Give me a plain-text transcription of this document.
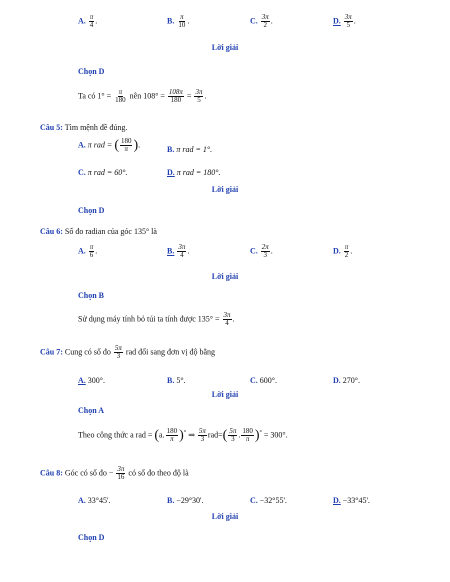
A. $\frac{\pi}{4}$ .	B. $\frac{\pi}{10}$ .	C. $\frac{3\pi}{2}$ .	D. $\frac{3\pi}{5}$ .
Lời giải
Chọn D
Ta có $1^\circ = \frac{\pi}{180}$ nên $108^\circ = \frac{108\pi}{180} = \frac{3\pi}{5}$ .
Câu 5: Tìm mệnh đề đúng.
A. π rad = ( $\frac{180}{\pi}$ ).	B. π rad = 1°.
C. π rad = 60°.	D. π rad = 180°.
Lời giải
Chọn D
Câu 6: Số đo radian của góc 135° là
A. $\frac{\pi}{6}$ .	B. $\frac{3\pi}{4}$ .	C. $\frac{2\pi}{3}$ .	D. $\frac{\pi}{2}$ .
Lời giải
Chọn B
Sử dụng máy tính bỏ túi ta tính được $135^\circ = \frac{3\pi}{4}$ .
Câu 7: Cung có số đo $\frac{5\pi}{3}$ rad đổi sang đơn vị độ bằng
A. 300°.	B. 5°.	C. 600°.	D. 270°.
Lời giải
Chọn A
Theo công thức a rad = (a. $\frac{180}{\pi} )^\circ$ ⇒ $\frac{5\pi}{3} rad=( \frac{5\pi}{3}$ . $\frac{180}{\pi} )^\circ = 300^\circ$.
Câu 8: Góc có số đo − $\frac{3\pi}{16}$ có số đo theo độ là
A. 33°45'.	B. −29°30'.	C. −32°55'.	D. −33°45'.
Lời giải
Chọn D
